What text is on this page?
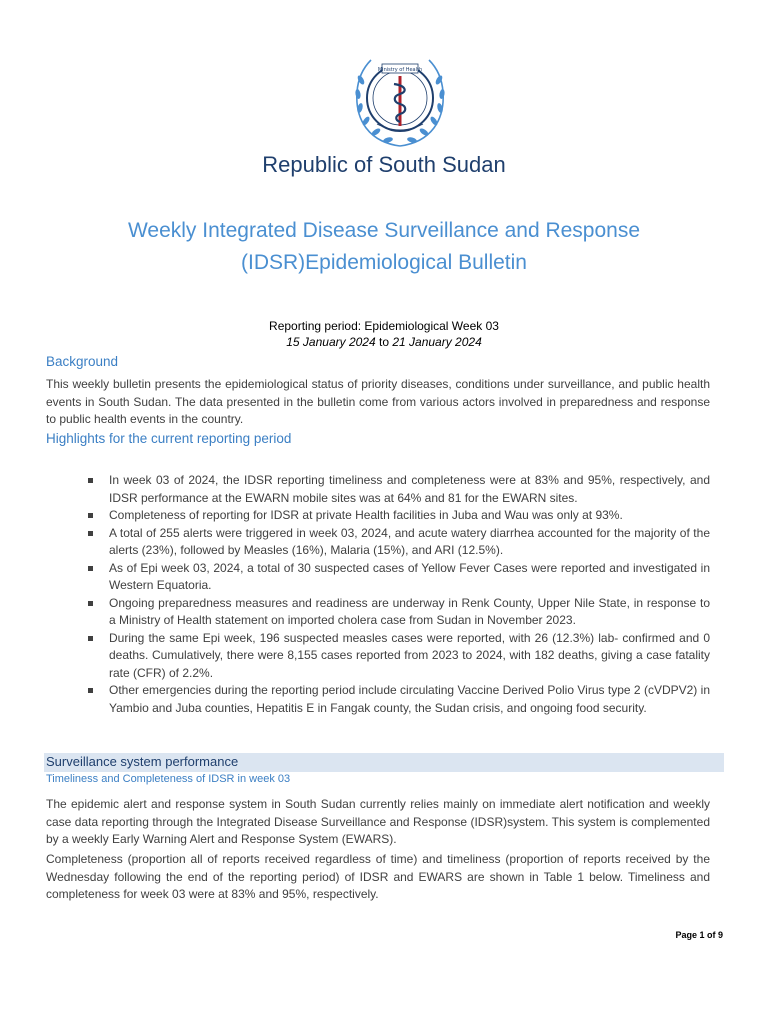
Ministry of Health
Republic of South Sudan
Weekly Integrated Disease Surveillance and Response
(IDSR)Epidemiological Bulletin
Reporting period: Epidemiological Week 03
15 January 2024 to 21 January 2024
Background
This weekly bulletin presents the epidemiological status of priority diseases, conditions under surveillance, and public health events in South Sudan. The data presented in the bulletin come from various actors involved in preparedness and response to public health events in the country.
Highlights for the current reporting period
In week 03 of 2024, the IDSR reporting timeliness and completeness were at 83% and 95%, respectively, and IDSR performance at the EWARN mobile sites was at 64% and 81 for the EWARN sites.
Completeness of reporting for IDSR at private Health facilities in Juba and Wau was only at 93%.
A total of 255 alerts were triggered in week 03, 2024, and acute watery diarrhea accounted for the majority of the alerts (23%), followed by Measles (16%), Malaria (15%), and ARI (12.5%).
As of Epi week 03, 2024, a total of 30 suspected cases of Yellow Fever Cases were reported and investigated in Western Equatoria.
Ongoing preparedness measures and readiness are underway in Renk County, Upper Nile State, in response to a Ministry of Health statement on imported cholera case from Sudan in November 2023.
During the same Epi week, 196 suspected measles cases were reported, with 26 (12.3%) lab- confirmed and 0 deaths. Cumulatively, there were 8,155 cases reported from 2023 to 2024, with 182 deaths, giving a case fatality rate (CFR) of 2.2%.
Other emergencies during the reporting period include circulating Vaccine Derived Polio Virus type 2 (cVDPV2) in Yambio and Juba counties, Hepatitis E in Fangak county, the Sudan crisis, and ongoing food security.
Surveillance system performance
Timeliness and Completeness of IDSR in week 03
The epidemic alert and response system in South Sudan currently relies mainly on immediate alert notification and weekly case data reporting through the Integrated Disease Surveillance and Response (IDSR)system. This system is complemented by a weekly Early Warning Alert and Response System (EWARS).
Completeness (proportion all of reports received regardless of time) and timeliness (proportion of reports received by the Wednesday following the end of the reporting period) of IDSR and EWARS are shown in Table 1 below. Timeliness and completeness for week 03 were at 83% and 95%, respectively.
Page 1 of 9
